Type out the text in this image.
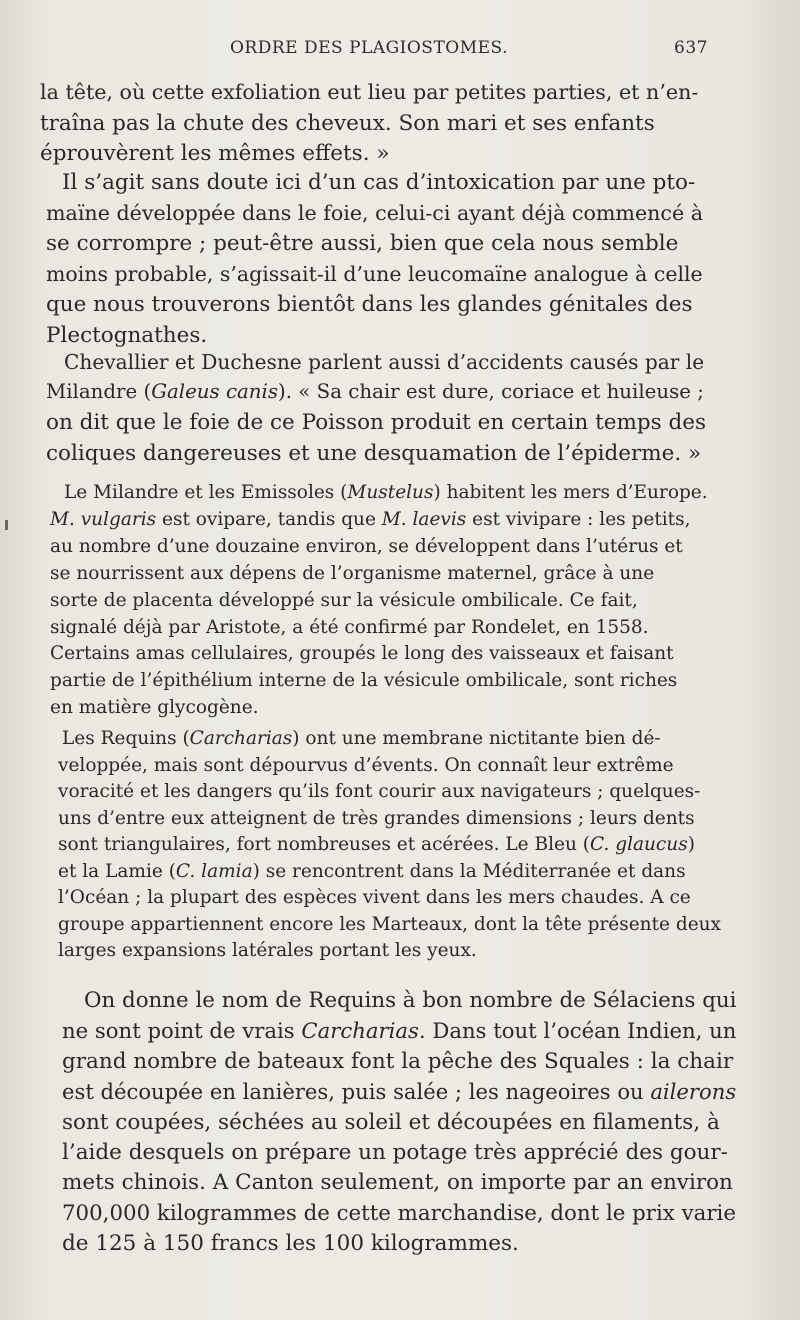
ORDRE DES PLAGIOSTOMES.	637
la tête, où cette exfoliation eut lieu par petites parties, et n’en-
traîna pas la chute des cheveux. Son mari et ses enfants
éprouvèrent les mêmes effets. »
Il s’agit sans doute ici d’un cas d’intoxication par une pto-
maïne développée dans le foie, celui-ci ayant déjà commencé à
se corrompre ; peut-être aussi, bien que cela nous semble
moins probable, s’agissait-il d’une leucomaïne analogue à celle
que nous trouverons bientôt dans les glandes génitales des
Plectognathes.
Chevallier et Duchesne parlent aussi d’accidents causés par le
Milandre (Galeus canis). « Sa chair est dure, coriace et huileuse ;
on dit que le foie de ce Poisson produit en certain temps des
coliques dangereuses et une desquamation de l’épiderme. »
Le Milandre et les Emissoles (Mustelus) habitent les mers d’Europe.
M. vulgaris est ovipare, tandis que M. laevis est vivipare : les petits,
au nombre d’une douzaine environ, se développent dans l’utérus et
se nourrissent aux dépens de l’organisme maternel, grâce à une
sorte de placenta développé sur la vésicule ombilicale. Ce fait,
signalé déjà par Aristote, a été confirmé par Rondelet, en 1558.
Certains amas cellulaires, groupés le long des vaisseaux et faisant
partie de l’épithélium interne de la vésicule ombilicale, sont riches
en matière glycogène.
Les Requins (Carcharias) ont une membrane nictitante bien dé-
veloppée, mais sont dépourvus d’évents. On connaît leur extrême
voracité et les dangers qu’ils font courir aux navigateurs ; quelques-
uns d’entre eux atteignent de très grandes dimensions ; leurs dents
sont triangulaires, fort nombreuses et acérées. Le Bleu (C. glaucus)
et la Lamie (C. lamia) se rencontrent dans la Méditerranée et dans
l’Océan ; la plupart des espèces vivent dans les mers chaudes. A ce
groupe appartiennent encore les Marteaux, dont la tête présente deux
larges expansions latérales portant les yeux.
On donne le nom de Requins à bon nombre de Sélaciens qui
ne sont point de vrais Carcharias. Dans tout l’océan Indien, un
grand nombre de bateaux font la pêche des Squales : la chair
est découpée en lanières, puis salée ; les nageoires ou ailerons
sont coupées, séchées au soleil et découpées en filaments, à
l’aide desquels on prépare un potage très apprécié des gour-
mets chinois. A Canton seulement, on importe par an environ
700,000 kilogrammes de cette marchandise, dont le prix varie
de 125 à 150 francs les 100 kilogrammes.
